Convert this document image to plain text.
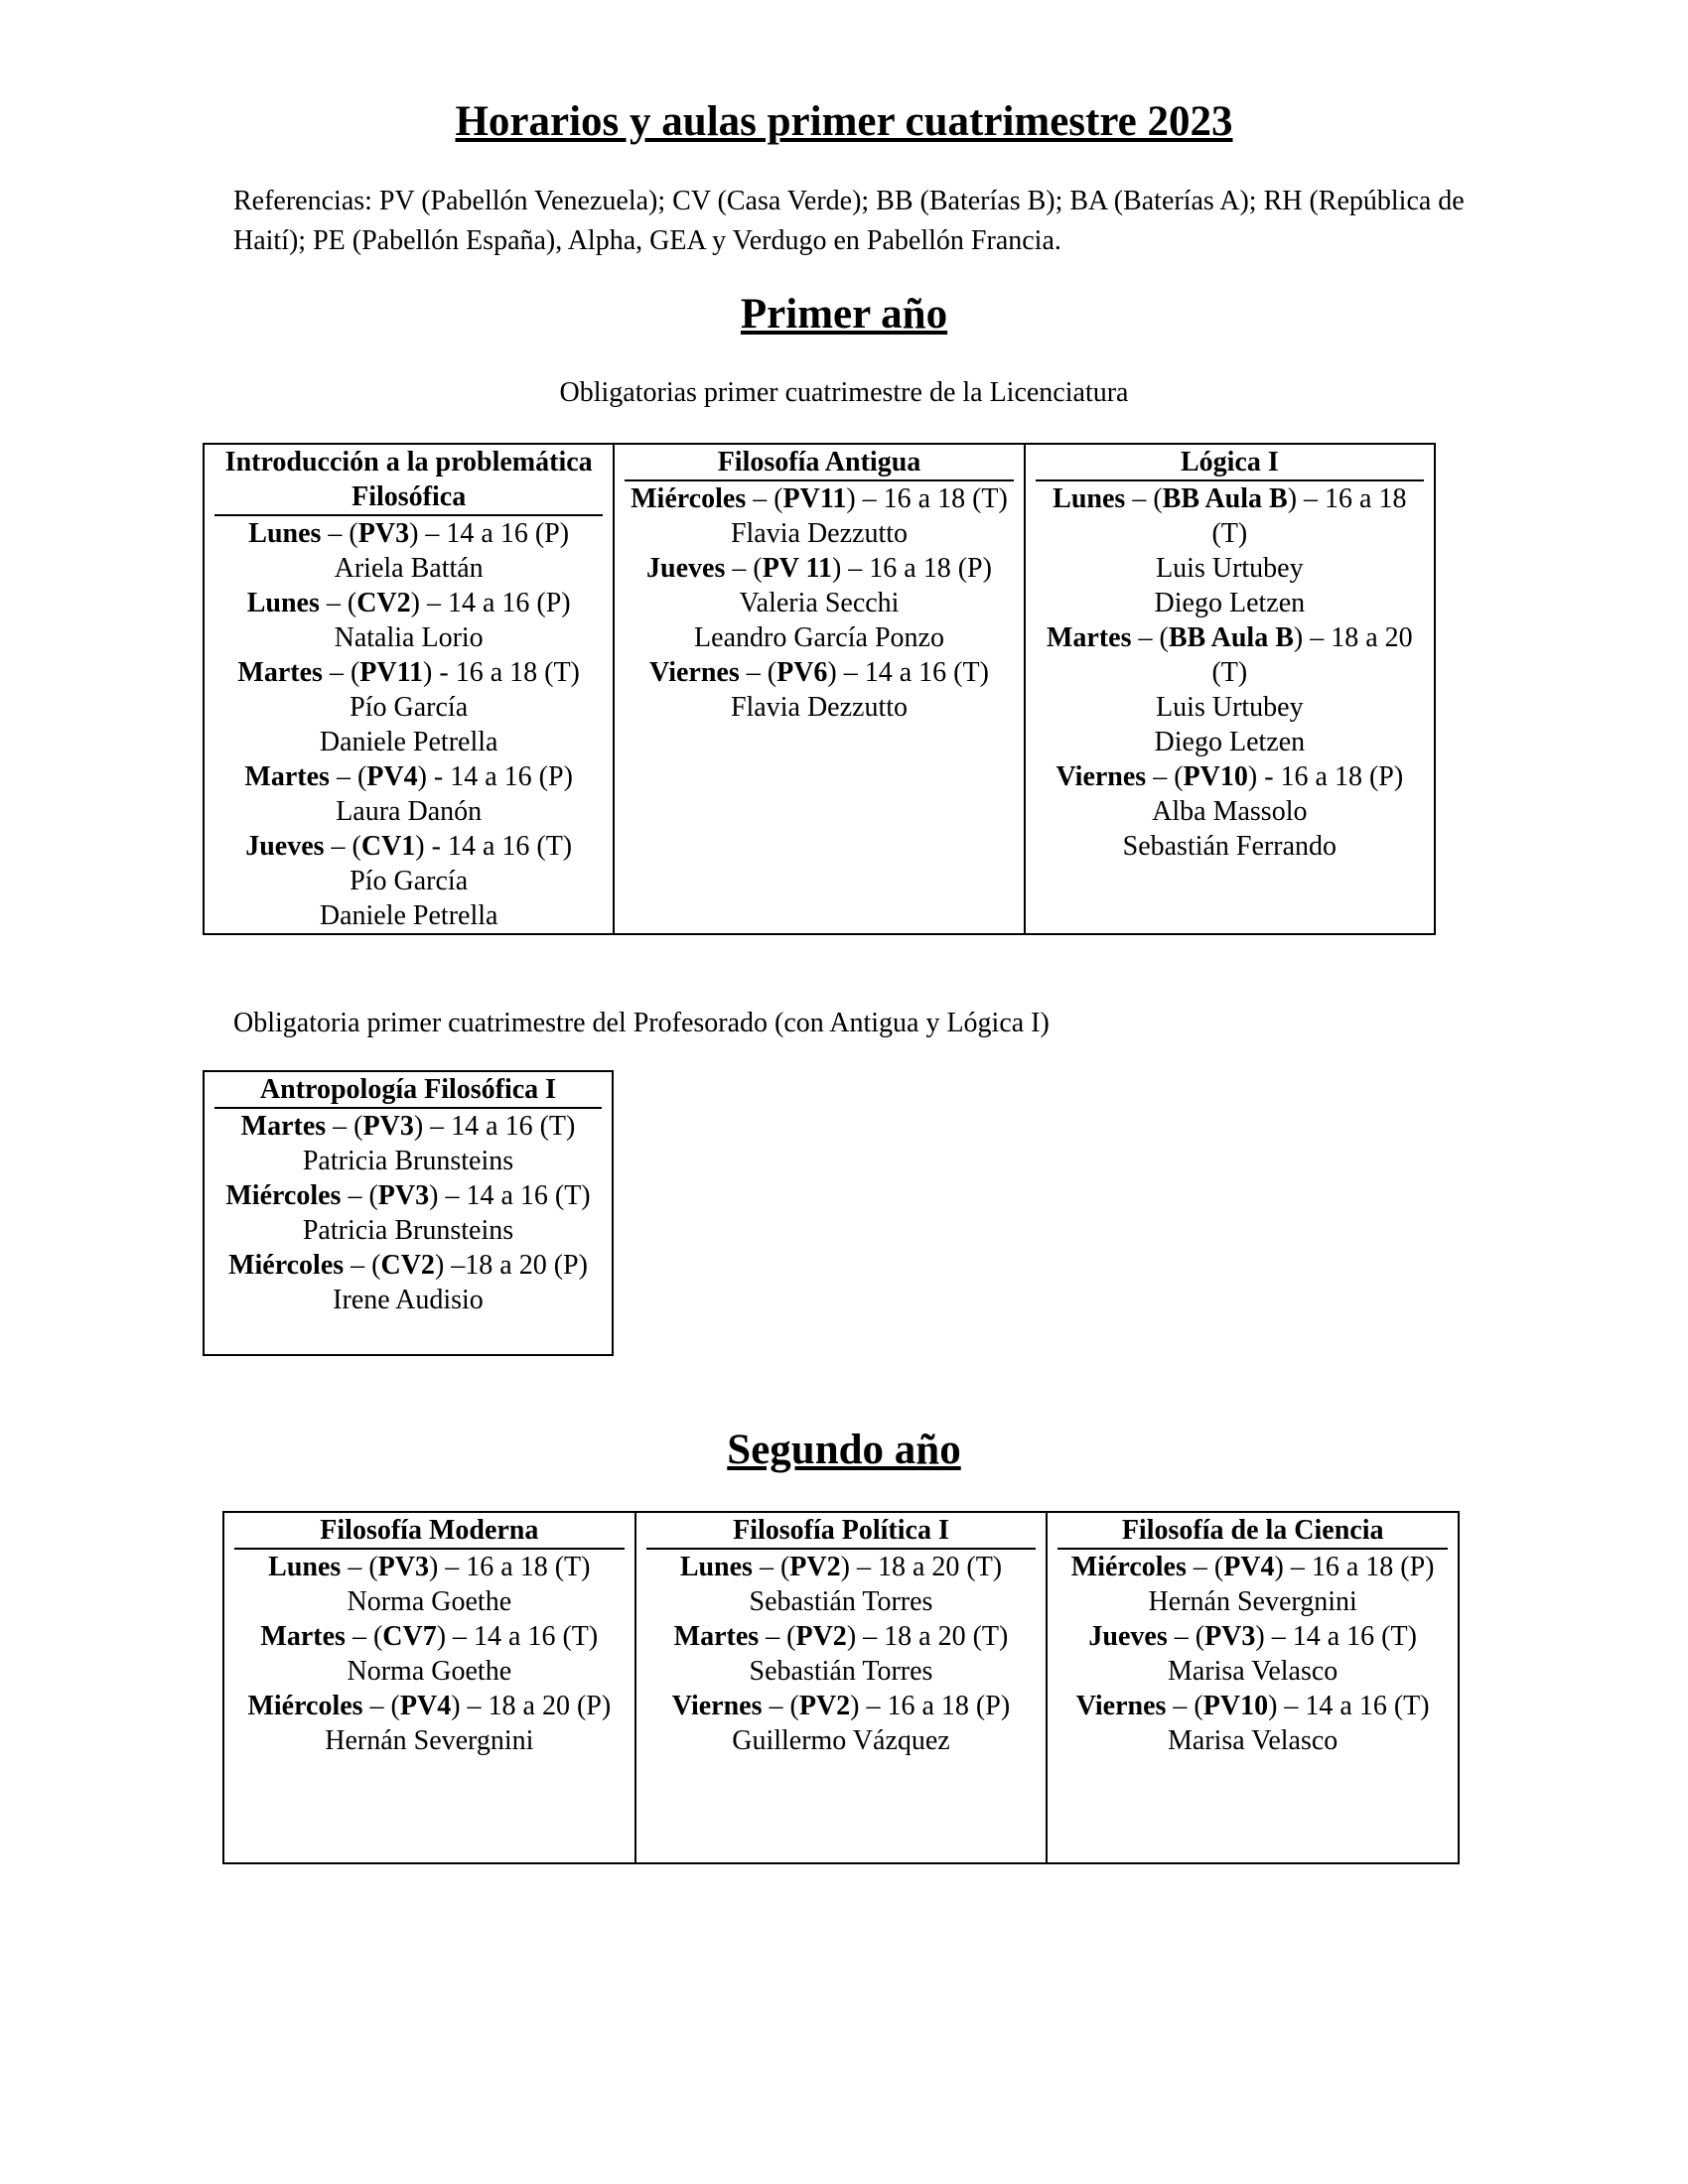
Horarios y aulas primer cuatrimestre 2023
Referencias: PV (Pabellón Venezuela); CV (Casa Verde); BB (Baterías B); BA (Baterías A); RH (República de Haití); PE (Pabellón España), Alpha, GEA y Verdugo en Pabellón Francia.
Primer año
Obligatorias primer cuatrimestre de la Licenciatura
Introducción a la problemática Filosófica
Lunes – (PV3) – 14 a 16 (P)
Ariela Battán
Lunes – (CV2) – 14 a 16 (P)
Natalia Lorio
Martes – (PV11) - 16 a 18 (T)
Pío García
Daniele Petrella
Martes – (PV4) - 14 a 16 (P)
Laura Danón
Jueves – (CV1) - 14 a 16 (T)
Pío García
Daniele Petrella

Filosofía Antigua
Miércoles – (PV11) – 16 a 18 (T)
Flavia Dezzutto
Jueves – (PV 11) – 16 a 18 (P)
Valeria Secchi
Leandro García Ponzo
Viernes – (PV6) – 14 a 16 (T)
Flavia Dezzutto

Lógica I
Lunes – (BB Aula B) – 16 a 18 (T)
Luis Urtubey
Diego Letzen
Martes – (BB Aula B) – 18 a 20 (T)
Luis Urtubey
Diego Letzen
Viernes – (PV10) - 16 a 18 (P)
Alba Massolo
Sebastián Ferrando
Obligatoria primer cuatrimestre del Profesorado (con Antigua y Lógica I)
Antropología Filosófica I
Martes – (PV3) – 14 a 16 (T)
Patricia Brunsteins
Miércoles – (PV3) – 14 a 16 (T) Patricia Brunsteins
Miércoles – (CV2) –18 a 20 (P)
Irene Audisio
Segundo año
Filosofía Moderna
Lunes – (PV3) – 16 a 18 (T)
Norma Goethe
Martes – (CV7) – 14 a 16 (T)
Norma Goethe
Miércoles – (PV4) – 18 a 20 (P)
Hernán Severgnini

Filosofía Política I
Lunes – (PV2) – 18 a 20 (T)
Sebastián Torres
Martes – (PV2) – 18 a 20 (T)
Sebastián Torres
Viernes – (PV2) – 16 a 18 (P)
Guillermo Vázquez

Filosofía de la Ciencia
Miércoles – (PV4) – 16 a 18 (P)
Hernán Severgnini
Jueves – (PV3) – 14 a 16 (T)
Marisa Velasco
Viernes – (PV10) – 14 a 16 (T)
Marisa Velasco
